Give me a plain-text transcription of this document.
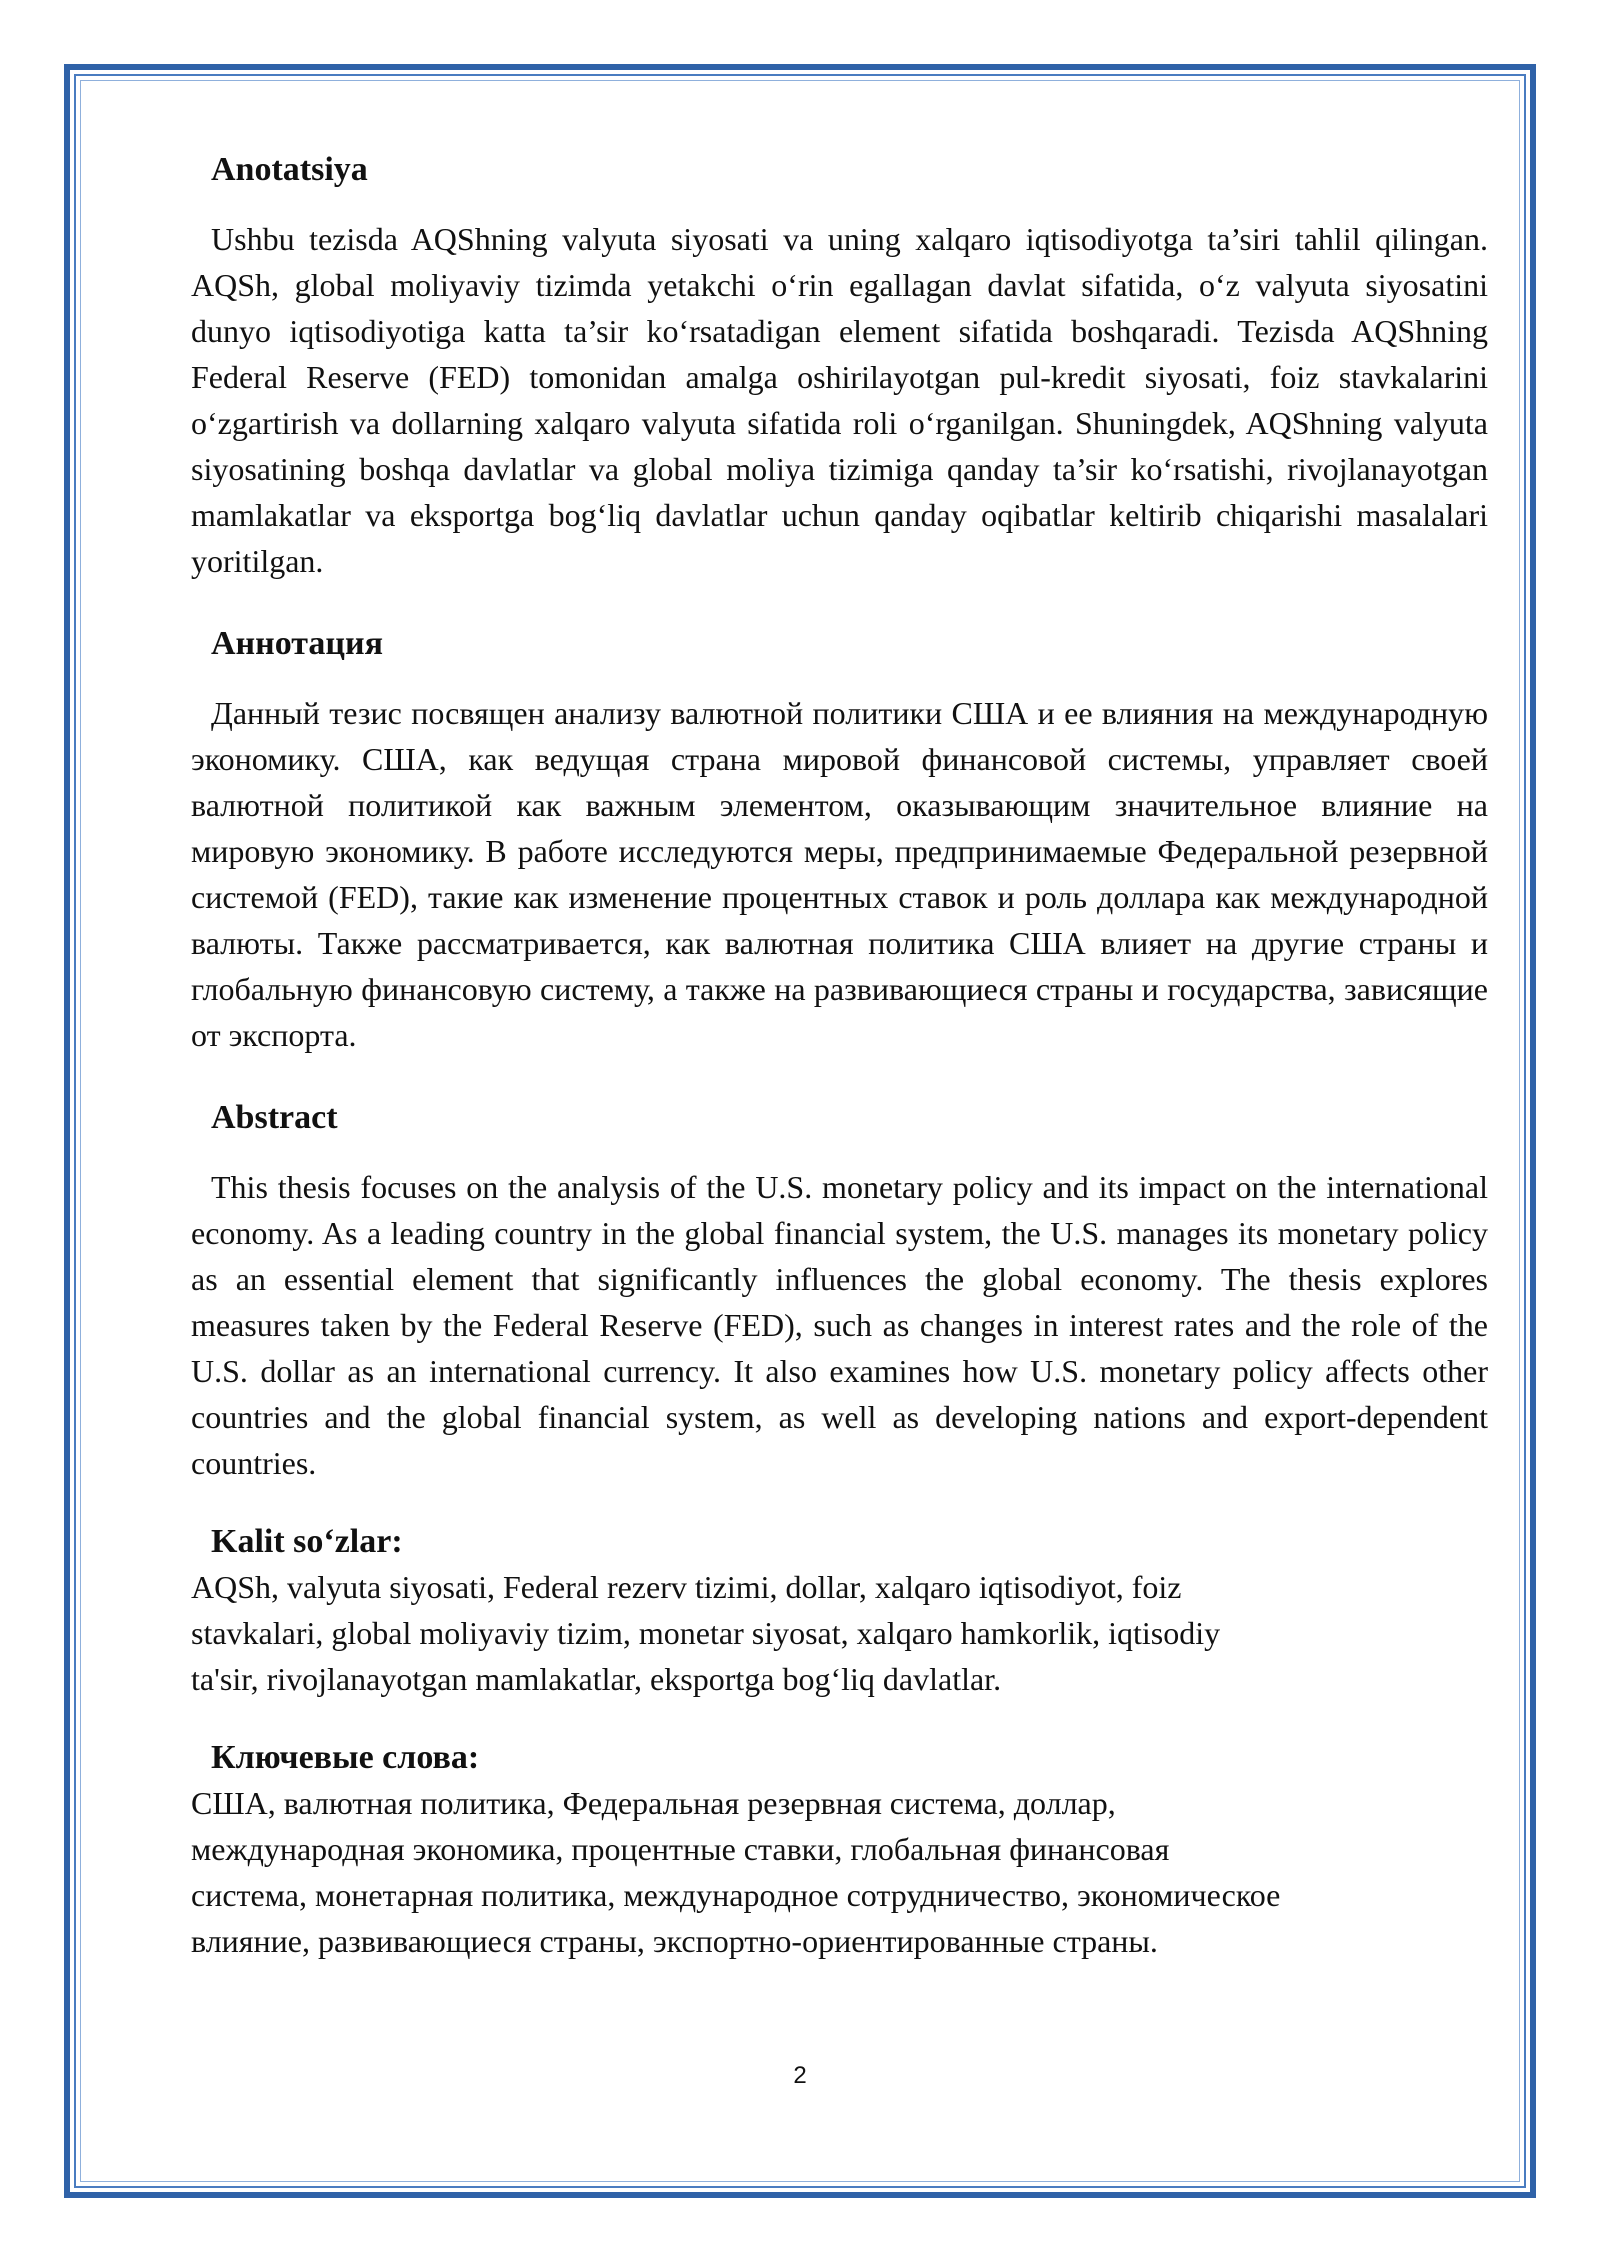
Anotatsiya

Ushbu tezisda AQShning valyuta siyosati va uning xalqaro iqtisodiyotga ta’siri tahlil qilingan. AQSh, global moliyaviy tizimda yetakchi o‘rin egallagan davlat sifatida, o‘z valyuta siyosatini dunyo iqtisodiyotiga katta ta’sir ko‘rsatadigan element sifatida boshqaradi. Tezisda AQShning Federal Reserve (FED) tomonidan amalga oshirilayotgan pul-kredit siyosati, foiz stavkalarini o‘zgartirish va dollarning xalqaro valyuta sifatida roli o‘rganilgan. Shuningdek, AQShning valyuta siyosatining boshqa davlatlar va global moliya tizimiga qanday ta’sir ko‘rsatishi, rivojlanayotgan mamlakatlar va eksportga bog‘liq davlatlar uchun qanday oqibatlar keltirib chiqarishi masalalari yoritilgan.

Аннотация

Данный тезис посвящен анализу валютной политики США и ее влияния на международную экономику. США, как ведущая страна мировой финансовой системы, управляет своей валютной политикой как важным элементом, оказывающим значительное влияние на мировую экономику. В работе исследуются меры, предпринимаемые Федеральной резервной системой (FED), такие как изменение процентных ставок и роль доллара как международной валюты. Также рассматривается, как валютная политика США влияет на другие страны и глобальную финансовую систему, а также на развивающиеся страны и государства, зависящие от экспорта.

Abstract

This thesis focuses on the analysis of the U.S. monetary policy and its impact on the international economy. As a leading country in the global financial system, the U.S. manages its monetary policy as an essential element that significantly influences the global economy. The thesis explores measures taken by the Federal Reserve (FED), such as changes in interest rates and the role of the U.S. dollar as an international currency. It also examines how U.S. monetary policy affects other countries and the global financial system, as well as developing nations and export-dependent countries.

Kalit so‘zlar:

AQSh, valyuta siyosati, Federal rezerv tizimi, dollar, xalqaro iqtisodiyot, foiz

stavkalari, global moliyaviy tizim, monetar siyosat, xalqaro hamkorlik, iqtisodiy

ta'sir, rivojlanayotgan mamlakatlar, eksportga bog‘liq davlatlar.

Ключевые слова:

США, валютная политика, Федеральная резервная система, доллар,

международная экономика, процентные ставки, глобальная финансовая

система, монетарная политика, международное сотрудничество, экономическое

влияние, развивающиеся страны, экспортно-ориентированные страны.

2
